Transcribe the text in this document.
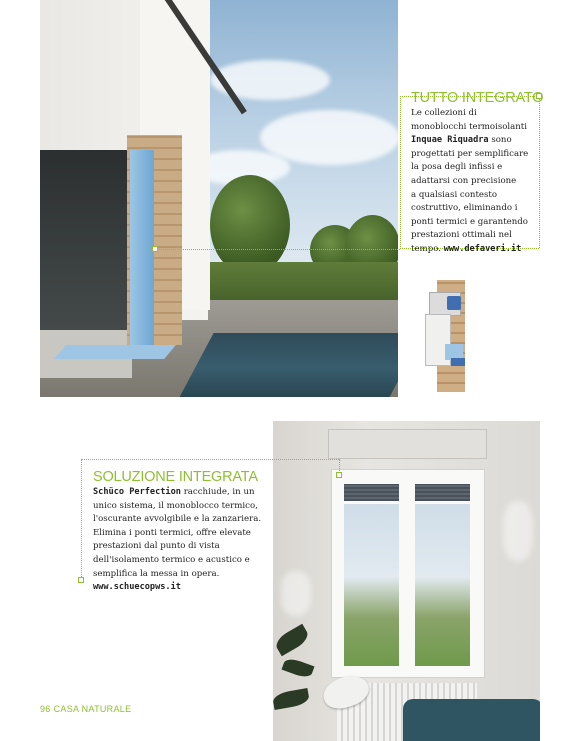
TUTTO INTEGRATO
Le collezioni di
monoblocchi termoisolanti
Inquae Riquadra sono
progettati per semplificare
la posa degli infissi e
adattarsi con precisione
a qualsiasi contesto
costruttivo, eliminando i
ponti termici e garantendo
prestazioni ottimali nel
tempo. www.defaveri.it
SOLUZIONE INTEGRATA
Schüco Perfection racchiude, in un
unico sistema, il monoblocco termico,
l'oscurante avvolgibile e la zanzariera.
Elimina i ponti termici, offre elevate
prestazioni dal punto di vista
dell'isolamento termico e acustico e
semplifica la messa in opera.
www.schuecopws.it
96 CASA NATURALE
